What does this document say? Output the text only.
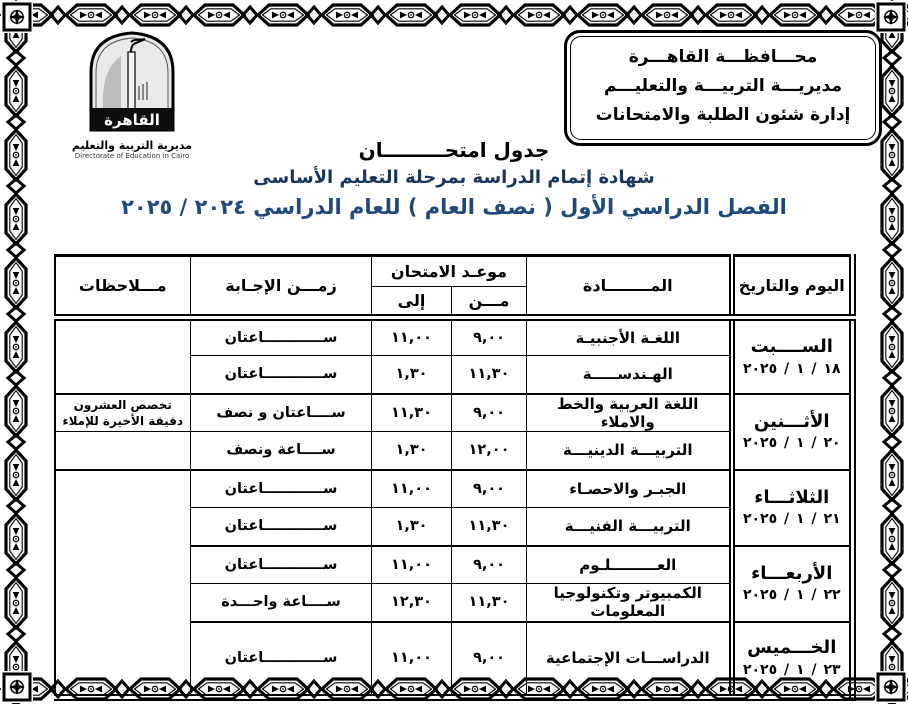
القاهرة
مديرية التربية والتعليم
Directorate of Education in Cairo
محـــافظـــة القاهـــرة
مديريـــة التربيـــة والتعليـــم
إدارة شئون الطلبة والامتحانات
جدول امتحـــــــــان
شهادة إتمام الدراسة بمرحلة التعليم الأساسى
الفصل الدراسي الأول ( نصف العام ) للعام الدراسي ٢٠٢٤ / ٢٠٢٥
اليوم والتاريخ	المــــــــادة	موعـد الامتحان		زمـــن الإجـابة	مـــلاحظات
		مـــن	إلى		

الســــبت
١٨ / ١ / ٢٠٢٥	اللغـة الأجنبيـة	٩,٠٠	١١,٠٠	ســــــــــــاعتان	
	الهـندســـــة	١١,٣٠	١,٣٠	ســــــــــــاعتان	

الأثـــنين
٢٠ / ١ / ٢٠٢٥	اللغة العربية والخط والاملاء	٩,٠٠	١١,٣٠	ســــاعتان و نصف	تخصص العشرون دقيقة الأخيرة للإملاء
	التربيـــة الدينيـــة	١٢,٠٠	١,٣٠	ســــاعة ونصف	

الثلاثـــاء
٢١ / ١ / ٢٠٢٥	الجبـر والاحصـاء	٩,٠٠	١١,٠٠	ســــــــــــاعتان	
	التربيـــة الفنيـــة	١١,٣٠	١,٣٠	ســــــــــــاعتان	

الأربعـــاء
٢٢ / ١ / ٢٠٢٥	العـــــــــلـوم	٩,٠٠	١١,٠٠	ســــــــــــاعتان	
	الكمبيوتر وتكنولوجيا المعلومات	١١,٣٠	١٢,٣٠	ســــاعة واحـــدة	

الخـــميس
٢٣ / ١ / ٢٠٢٥	الدراســـات الإجتماعية	٩,٠٠	١١,٠٠	ســــــــــــاعتان	
